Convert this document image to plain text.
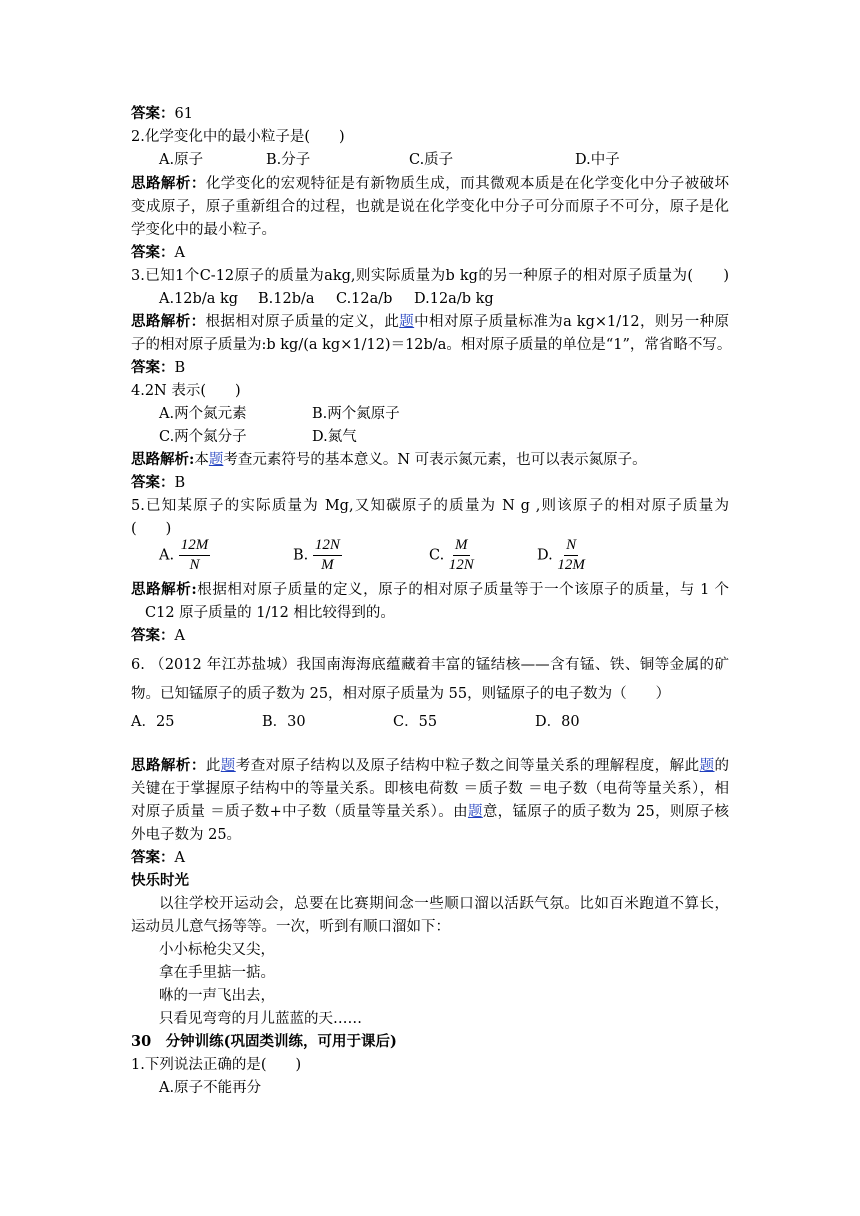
答案：61
2.化学变化中的最小粒子是(　　)
A.原子	B.分子	C.质子	D.中子
思路解析：化学变化的宏观特征是有新物质生成，而其微观本质是在化学变化中分子被破坏
变成原子，原子重新组合的过程，也就是说在化学变化中分子可分而原子不可分，原子是化
学变化中的最小粒子。
答案：A
3.已知1个C-12原子的质量为akg,则实际质量为b kg的另一种原子的相对原子质量为(　　)
A.12b/a kg B.12b/a C.12a/b D.12a/b kg
思路解析：根据相对原子质量的定义，此题中相对原子质量标准为a kg×1/12，则另一种原
子的相对原子质量为:b kg/(a kg×1/12)＝12b/a。相对原子质量的单位是“1”，常省略不写。
答案：B
4.2N 表示(　　)
A.两个氮元素	B.两个氮原子
C.两个氮分子	D.氮气
思路解析:本题考查元素符号的基本意义。N 可表示氮元素，也可以表示氮原子。
答案：B
5.已知某原子的实际质量为 Mg,又知碳原子的质量为 N g ,则该原子的相对原子质量为
(　　)
A. $\frac{12M}{N}$	B. $\frac{12N}{M}$	C. $\frac{M}{12N}$	D. $\frac{N}{12M}$
思路解析:根据相对原子质量的定义，原子的相对原子质量等于一个该原子的质量，与 1 个
C12 原子质量的 1/12 相比较得到的。
答案：A
6. （2012 年江苏盐城）我国南海海底蕴藏着丰富的锰结核——含有锰、铁、铜等金属的矿
物。已知锰原子的质子数为 25，相对原子质量为 55，则锰原子的电子数为（　　）
A．25	B．30	C．55	D．80
思路解析：此题考查对原子结构以及原子结构中粒子数之间等量关系的理解程度，解此题的
关键在于掌握原子结构中的等量关系。即核电荷数 ＝质子数 ＝电子数（电荷等量关系），相
对原子质量 ＝质子数+中子数（质量等量关系）。由题意，锰原子的质子数为 25，则原子核
外电子数为 25。
答案：A
快乐时光
以往学校开运动会，总要在比赛期间念一些顺口溜以活跃气氛。比如百米跑道不算长，
运动员儿意气扬等等。一次，听到有顺口溜如下：
小小标枪尖又尖，
拿在手里掂一掂。
咻的一声飞出去，
只看见弯弯的月儿蓝蓝的天……
30　分钟训练(巩固类训练，可用于课后)
1.下列说法正确的是(　　)
A.原子不能再分
